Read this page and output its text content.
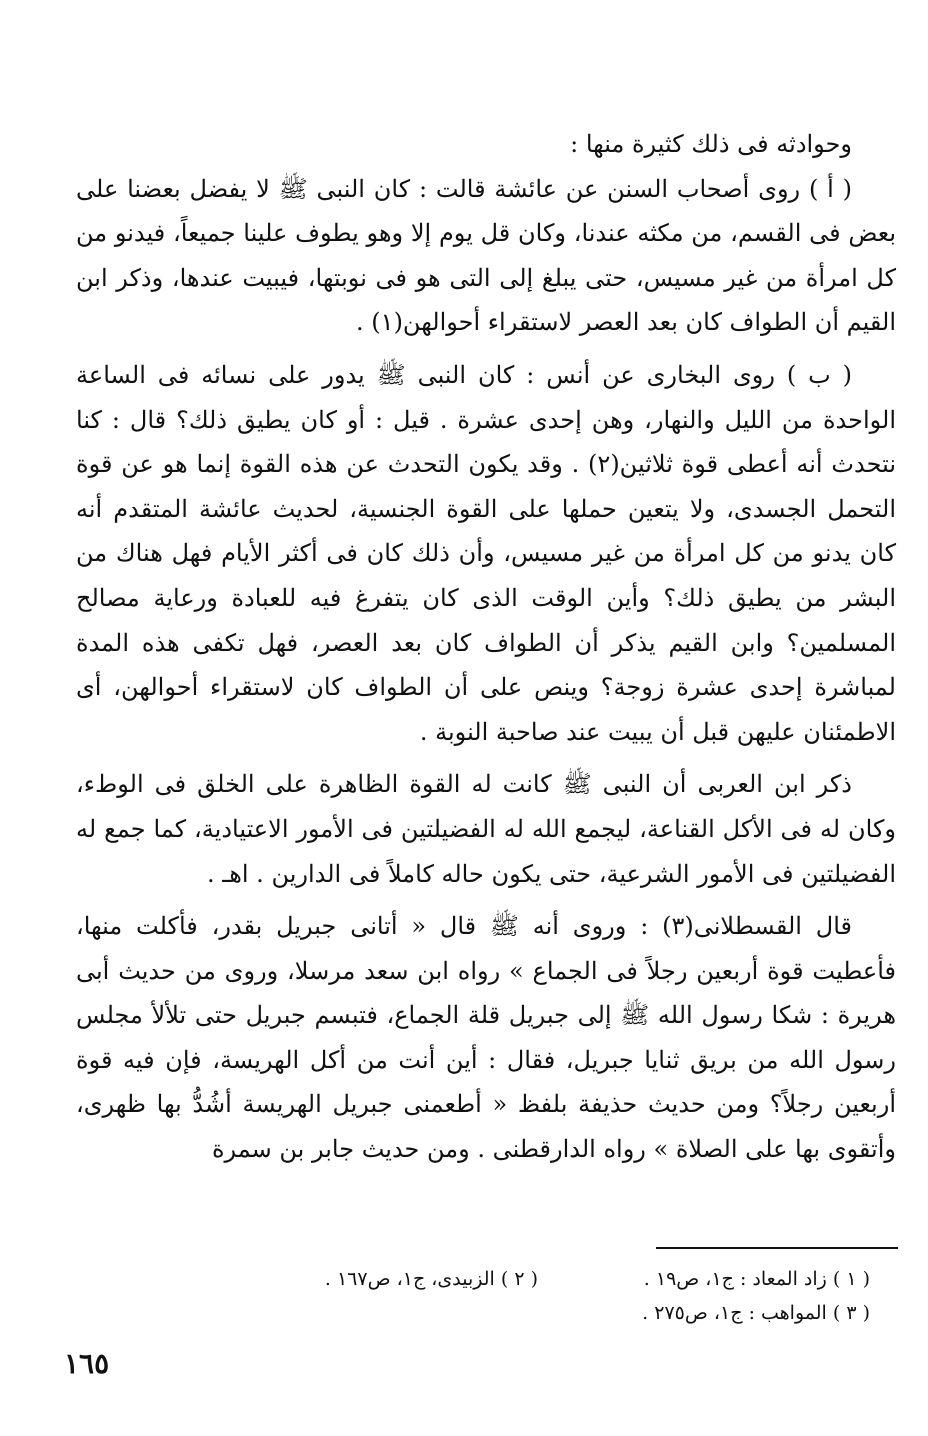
وحوادثه فى ذلك كثيرة منها :

( أ ) روى أصحاب السنن عن عائشة قالت : كان النبى ﷺ لا يفضل بعضنا على بعض فى القسم، من مكثه عندنا، وكان قل يوم إلا وهو يطوف علينا جميعاً، فيدنو من كل امرأة من غير مسيس، حتى يبلغ إلى التى هو فى نوبتها، فيبيت عندها، وذكر ابن القيم أن الطواف كان بعد العصر لاستقراء أحوالهن(١) .

( ب ) روى البخارى عن أنس : كان النبى ﷺ يدور على نسائه فى الساعة الواحدة من الليل والنهار، وهن إحدى عشرة . قيل : أو كان يطيق ذلك؟ قال : كنا نتحدث أنه أعطى قوة ثلاثين(٢) . وقد يكون التحدث عن هذه القوة إنما هو عن قوة التحمل الجسدى، ولا يتعين حملها على القوة الجنسية، لحديث عائشة المتقدم أنه كان يدنو من كل امرأة من غير مسيس، وأن ذلك كان فى أكثر الأيام فهل هناك من البشر من يطيق ذلك؟ وأين الوقت الذى كان يتفرغ فيه للعبادة ورعاية مصالح المسلمين؟ وابن القيم يذكر أن الطواف كان بعد العصر، فهل تكفى هذه المدة لمباشرة إحدى عشرة زوجة؟ وينص على أن الطواف كان لاستقراء أحوالهن، أى الاطمئنان عليهن قبل أن يبيت عند صاحبة النوبة .

ذكر ابن العربى أن النبى ﷺ كانت له القوة الظاهرة على الخلق فى الوطء، وكان له فى الأكل القناعة، ليجمع الله له الفضيلتين فى الأمور الاعتيادية، كما جمع له الفضيلتين فى الأمور الشرعية، حتى يكون حاله كاملاً فى الدارين . اهـ .

قال القسطلانى(٣) : وروى أنه ﷺ قال « أتانى جبريل بقدر، فأكلت منها، فأعطيت قوة أربعين رجلاً فى الجماع » رواه ابن سعد مرسلا، وروى من حديث أبى هريرة : شكا رسول الله ﷺ إلى جبريل قلة الجماع، فتبسم جبريل حتى تلألأ مجلس رسول الله من بريق ثنايا جبريل، فقال : أين أنت من أكل الهريسة، فإن فيه قوة أربعين رجلاً؟ ومن حديث حذيفة بلفظ « أطعمنى جبريل الهريسة أشُدُّ بها ظهرى، وأتقوى بها على الصلاة » رواه الدارقطنى . ومن حديث جابر بن سمرة

( ١ ) زاد المعاد : ج١، ص١٩ .
( ٢ ) الزبيدى، ج١، ص١٦٧ .
( ٣ ) المواهب : ج١، ص٢٧٥ .
١٦٥
